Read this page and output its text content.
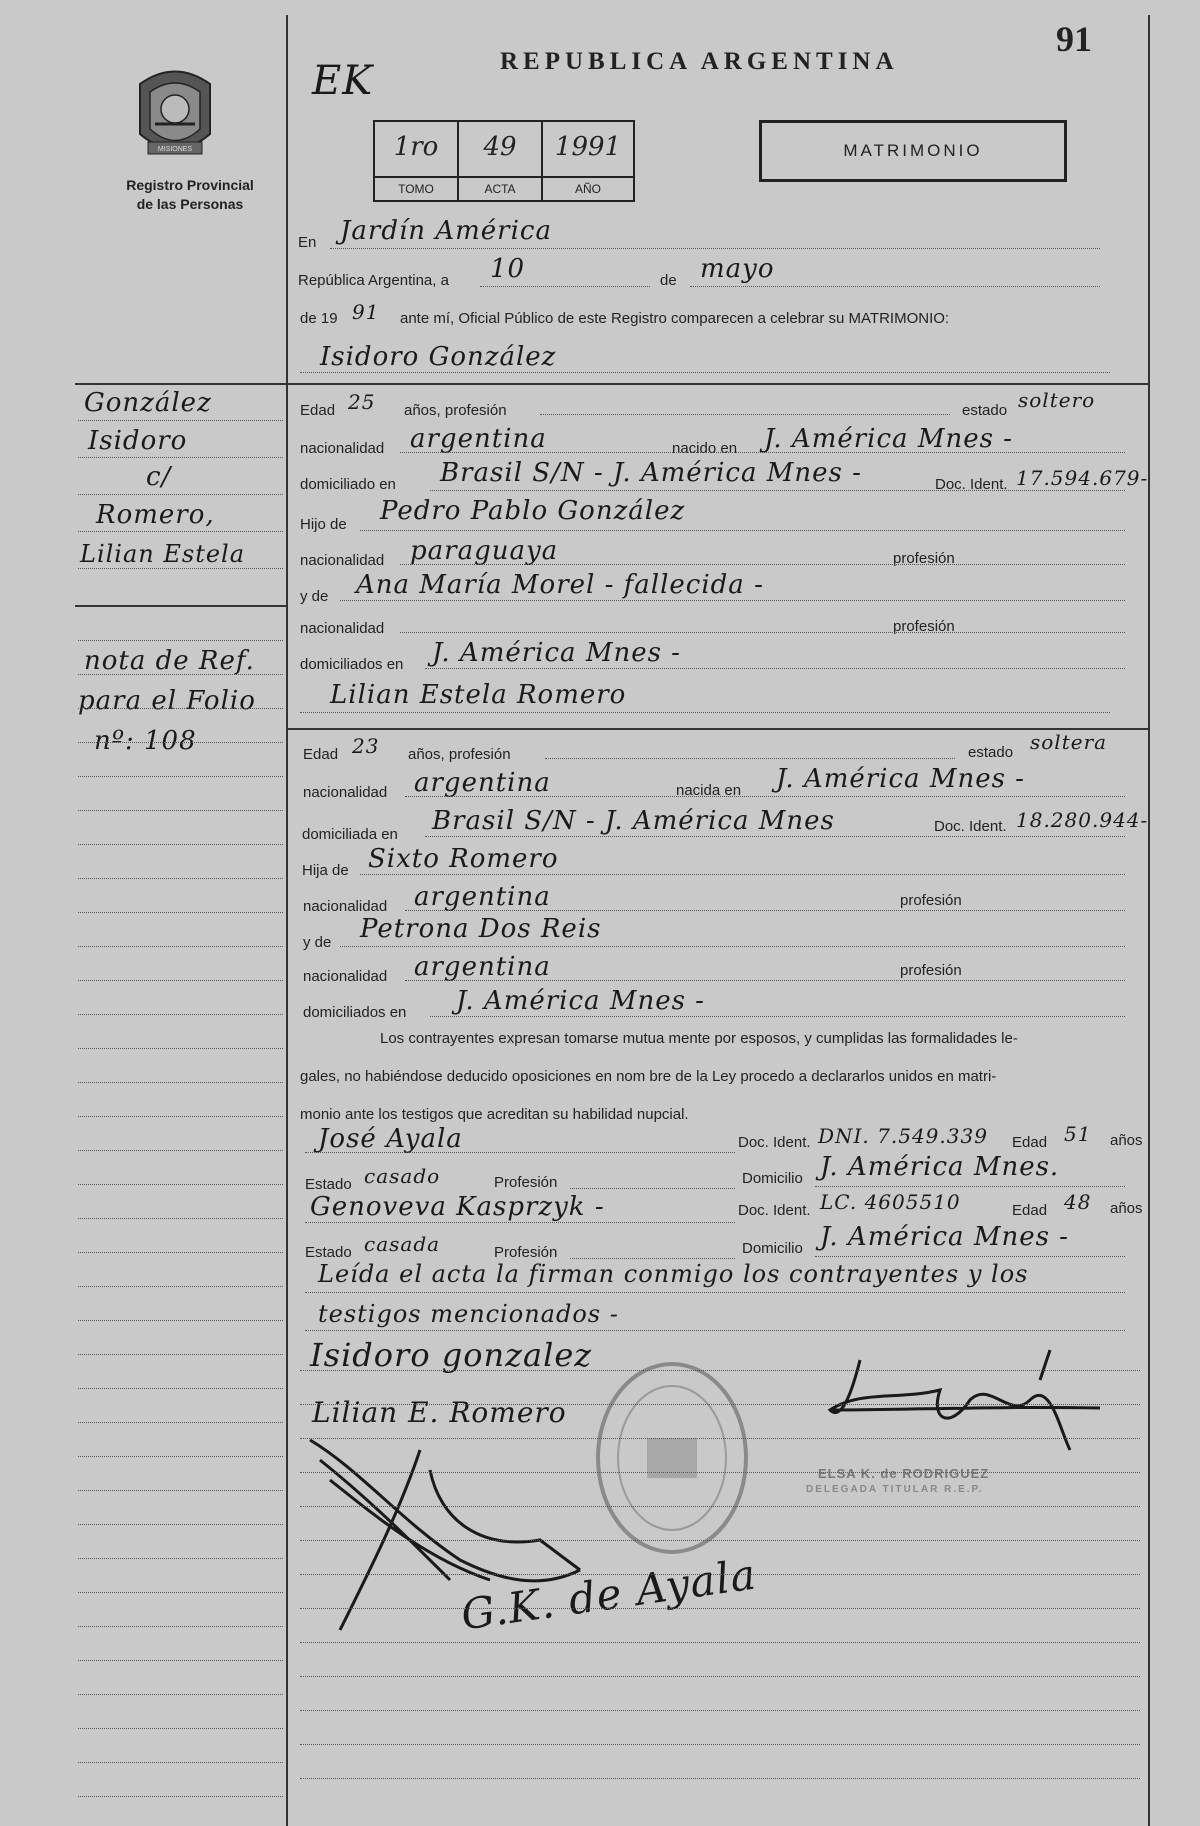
91
EK	REPUBLICA ARGENTINA
MISIONES
Registro Provincial
de las Personas
1ro
TOMO
49
ACTA
1991
AÑO
MATRIMONIO
En Jardín América
República Argentina, a 10	de mayo
de 19 91 ante mí, Oficial Público de este Registro comparecen a celebrar su MATRIMONIO:
Isidoro González
Edad 25 años, profesión	estado soltero
nacionalidad argentina	nacido en J. América Mnes -
domiciliado en Brasil S/N - J. América Mnes -	Doc. Ident. 17.594.679-
Hijo de Pedro Pablo González
nacionalidad paraguaya	profesión
y de Ana María Morel - fallecida -
nacionalidad	profesión
domiciliados en J. América Mnes -
Lilian Estela Romero
Edad 23 años, profesión	estado soltera
nacionalidad argentina	nacida en J. América Mnes -
domiciliada en Brasil S/N - J. América Mnes	Doc. Ident. 18.280.944-
Hija de Sixto Romero
nacionalidad argentina	profesión
y de Petrona Dos Reis
nacionalidad argentina	profesión
domiciliados en J. América Mnes -
Los contrayentes expresan tomarse mutua mente por esposos, y cumplidas las formalidades le-
gales, no habiéndose deducido oposiciones en nom bre de la Ley procedo a declararlos unidos en matri-
monio ante los testigos que acreditan su habilidad nupcial.
José Ayala	Doc. Ident. DNI. 7.549.339 Edad 51 años
Estado casado	Profesión	Domicilio J. América Mnes.
Genoveva Kasprzyk -	Doc. Ident. LC. 4605510	Edad 48 años
Estado casada	Profesión	Domicilio J. América Mnes -
Leída el acta la firman conmigo los contrayentes y los
testigos mencionados -
Isidoro gonzalez
Lilian E. Romero
G.K. de Ayala
ELSA K. de RODRIGUEZ
DELEGADA TITULAR R.E.P.
González
Isidoro
c/
Romero,
Lilian Estela
nota de Ref.
para el Folio
nº: 108
